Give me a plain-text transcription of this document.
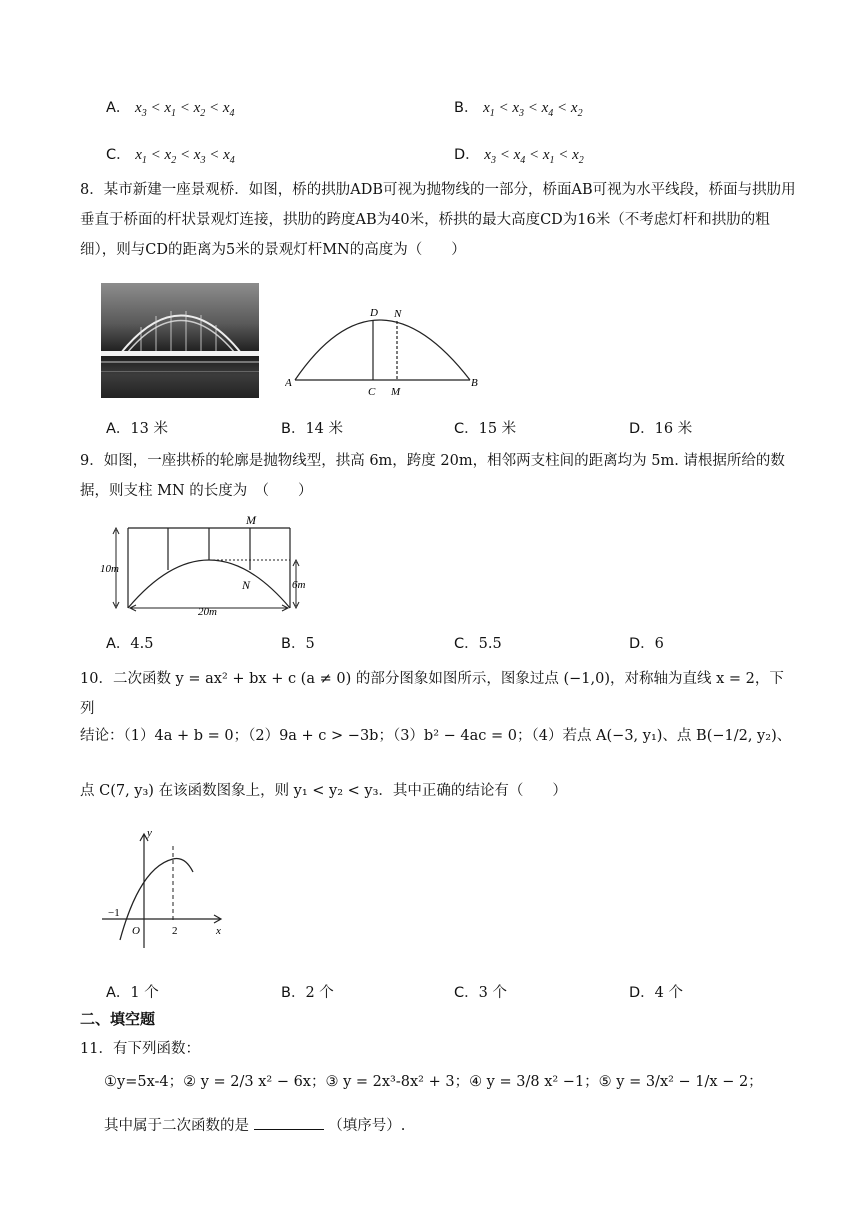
A． $x_3 < x_1 < x_2 < x_4$	B． $x_1 < x_3 < x_4 < x_2$
C． $x_1 < x_2 < x_3 < x_4$	D． $x_3 < x_4 < x_1 < x_2$
8．某市新建一座景观桥．如图，桥的拱肋ADB可视为抛物线的一部分，桥面AB可视为水平线段，桥面与拱肋用垂直于桥面的杆状景观灯连接，拱肋的跨度AB为40米，桥拱的最大高度CD为16米（不考虑灯杆和拱肋的粗细），则与CD的距离为5米的景观灯杆MN的高度为（　　）
D N
A	B
C M
A．13 米	B．14 米	C．15 米	D．16 米
9．如图，一座拱桥的轮廓是抛物线型，拱高 6m，跨度 20m，相邻两支柱间的距离均为 5m. 请根据所给的数据，则支柱 MN 的长度为　（　　）
M
N
10m
6m
20m
A．4.5	B．5	C．5.5	D．6
10．二次函数 y = ax² + bx + c (a ≠ 0) 的部分图象如图所示，图象过点 (−1,0)，对称轴为直线 x = 2，下列
结论：（1）4a + b = 0；（2）9a + c > −3b；（3）b² − 4ac = 0；（4）若点 A(−3, y₁)、点 B(−1/2, y₂)、
点 C(7, y₃) 在该函数图象上，则 y₁ < y₂ < y₃．其中正确的结论有（　　）
y
x
O
−1
2
A．1 个	B．2 个	C．3 个	D．4 个
二、填空题
11．有下列函数：
①y=5x-4；② y = 2/3 x² − 6x；③ y = 2x³-8x² + 3；④ y = 3/8 x² −1；⑤ y = 3/x² − 1/x − 2；
其中属于二次函数的是	（填序号）.
